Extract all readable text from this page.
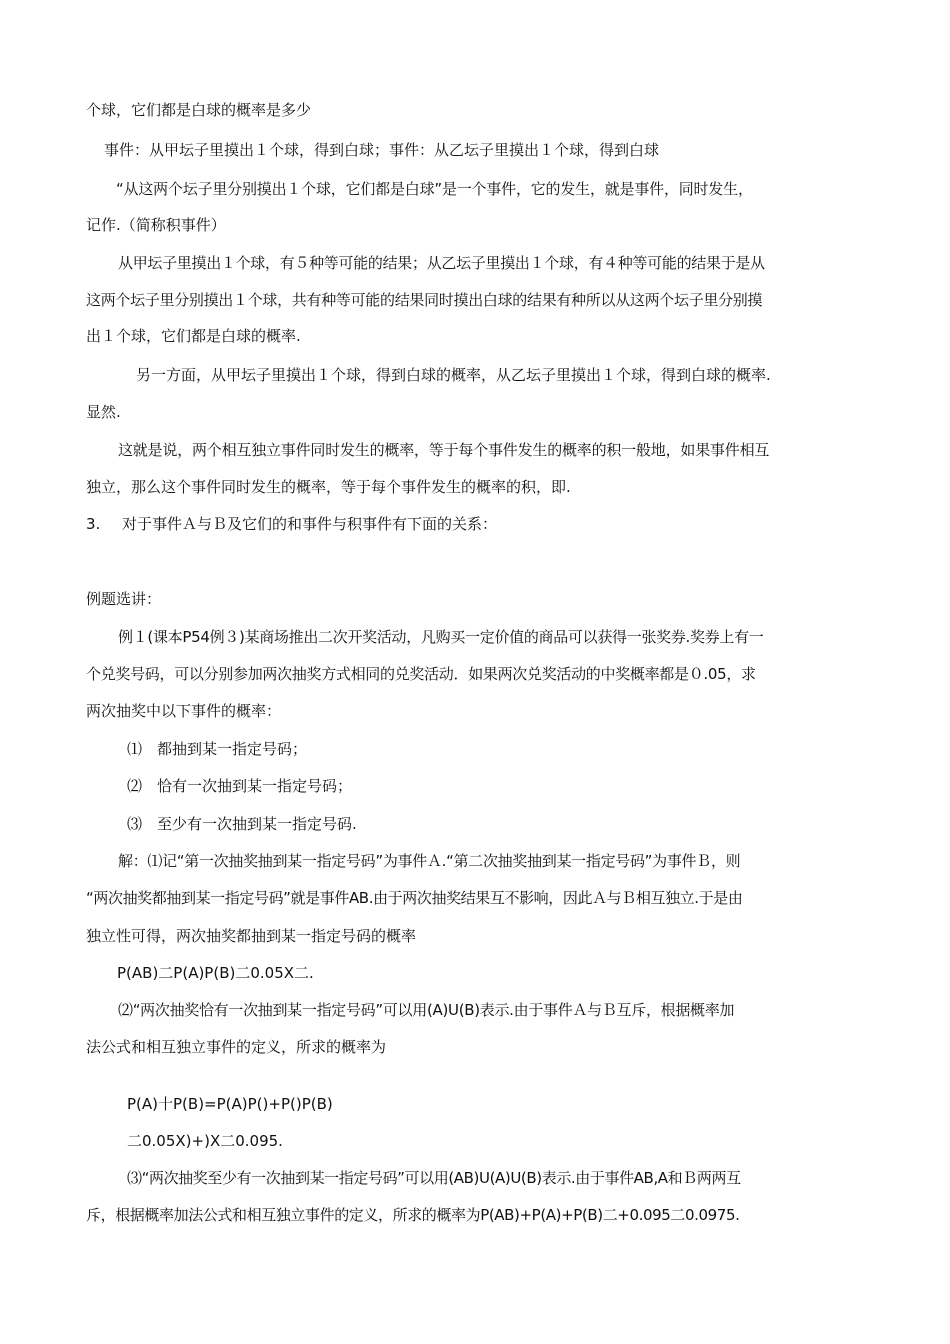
个球，它们都是白球的概率是多少
事件：从甲坛子里摸出１个球，得到白球；事件：从乙坛子里摸出１个球，得到白球
“从这两个坛子里分别摸出１个球，它们都是白球”是一个事件，它的发生，就是事件，同时发生，
记作.（简称积事件）
从甲坛子里摸出１个球，有５种等可能的结果；从乙坛子里摸出１个球，有４种等可能的结果于是从
这两个坛子里分别摸出１个球，共有种等可能的结果同时摸出白球的结果有种所以从这两个坛子里分别摸
出１个球，它们都是白球的概率.
另一方面，从甲坛子里摸出１个球，得到白球的概率，从乙坛子里摸出１个球，得到白球的概率.
显然.
这就是说，两个相互独立事件同时发生的概率，等于每个事件发生的概率的积一般地，如果事件相互
独立，那么这个事件同时发生的概率，等于每个事件发生的概率的积，即.
3. 对于事件Ａ与Ｂ及它们的和事件与积事件有下面的关系：
例题选讲：
例１(课本P54例３)某商场推出二次开奖活动，凡购买一定价值的商品可以获得一张奖券.奖券上有一
个兑奖号码，可以分别参加两次抽奖方式相同的兑奖活动．如果两次兑奖活动的中奖概率都是０.05，求
两次抽奖中以下事件的概率：
⑴　都抽到某一指定号码；
⑵　恰有一次抽到某一指定号码；
⑶　至少有一次抽到某一指定号码.
解：⑴记“第一次抽奖抽到某一指定号码”为事件Ａ.“第二次抽奖抽到某一指定号码”为事件Ｂ，则
“两次抽奖都抽到某一指定号码”就是事件AB.由于两次抽奖结果互不影响，因此Ａ与Ｂ相互独立.于是由
独立性可得，两次抽奖都抽到某一指定号码的概率
P(AB)二P(A)P(B)二0.05X二.
⑵“两次抽奖恰有一次抽到某一指定号码”可以用(A)U(B)表示.由于事件Ａ与Ｂ互斥，根据概率加
法公式和相互独立事件的定义，所求的概率为
P(A)十P(B)=P(A)P()+P()P(B)
二0.05X)+)X二0.095.
⑶“两次抽奖至少有一次抽到某一指定号码”可以用(AB)U(A)U(B)表示.由于事件AB,A和Ｂ两两互
斥，根据概率加法公式和相互独立事件的定义，所求的概率为P(AB)+P(A)+P(B)二+0.095二0.0975.
